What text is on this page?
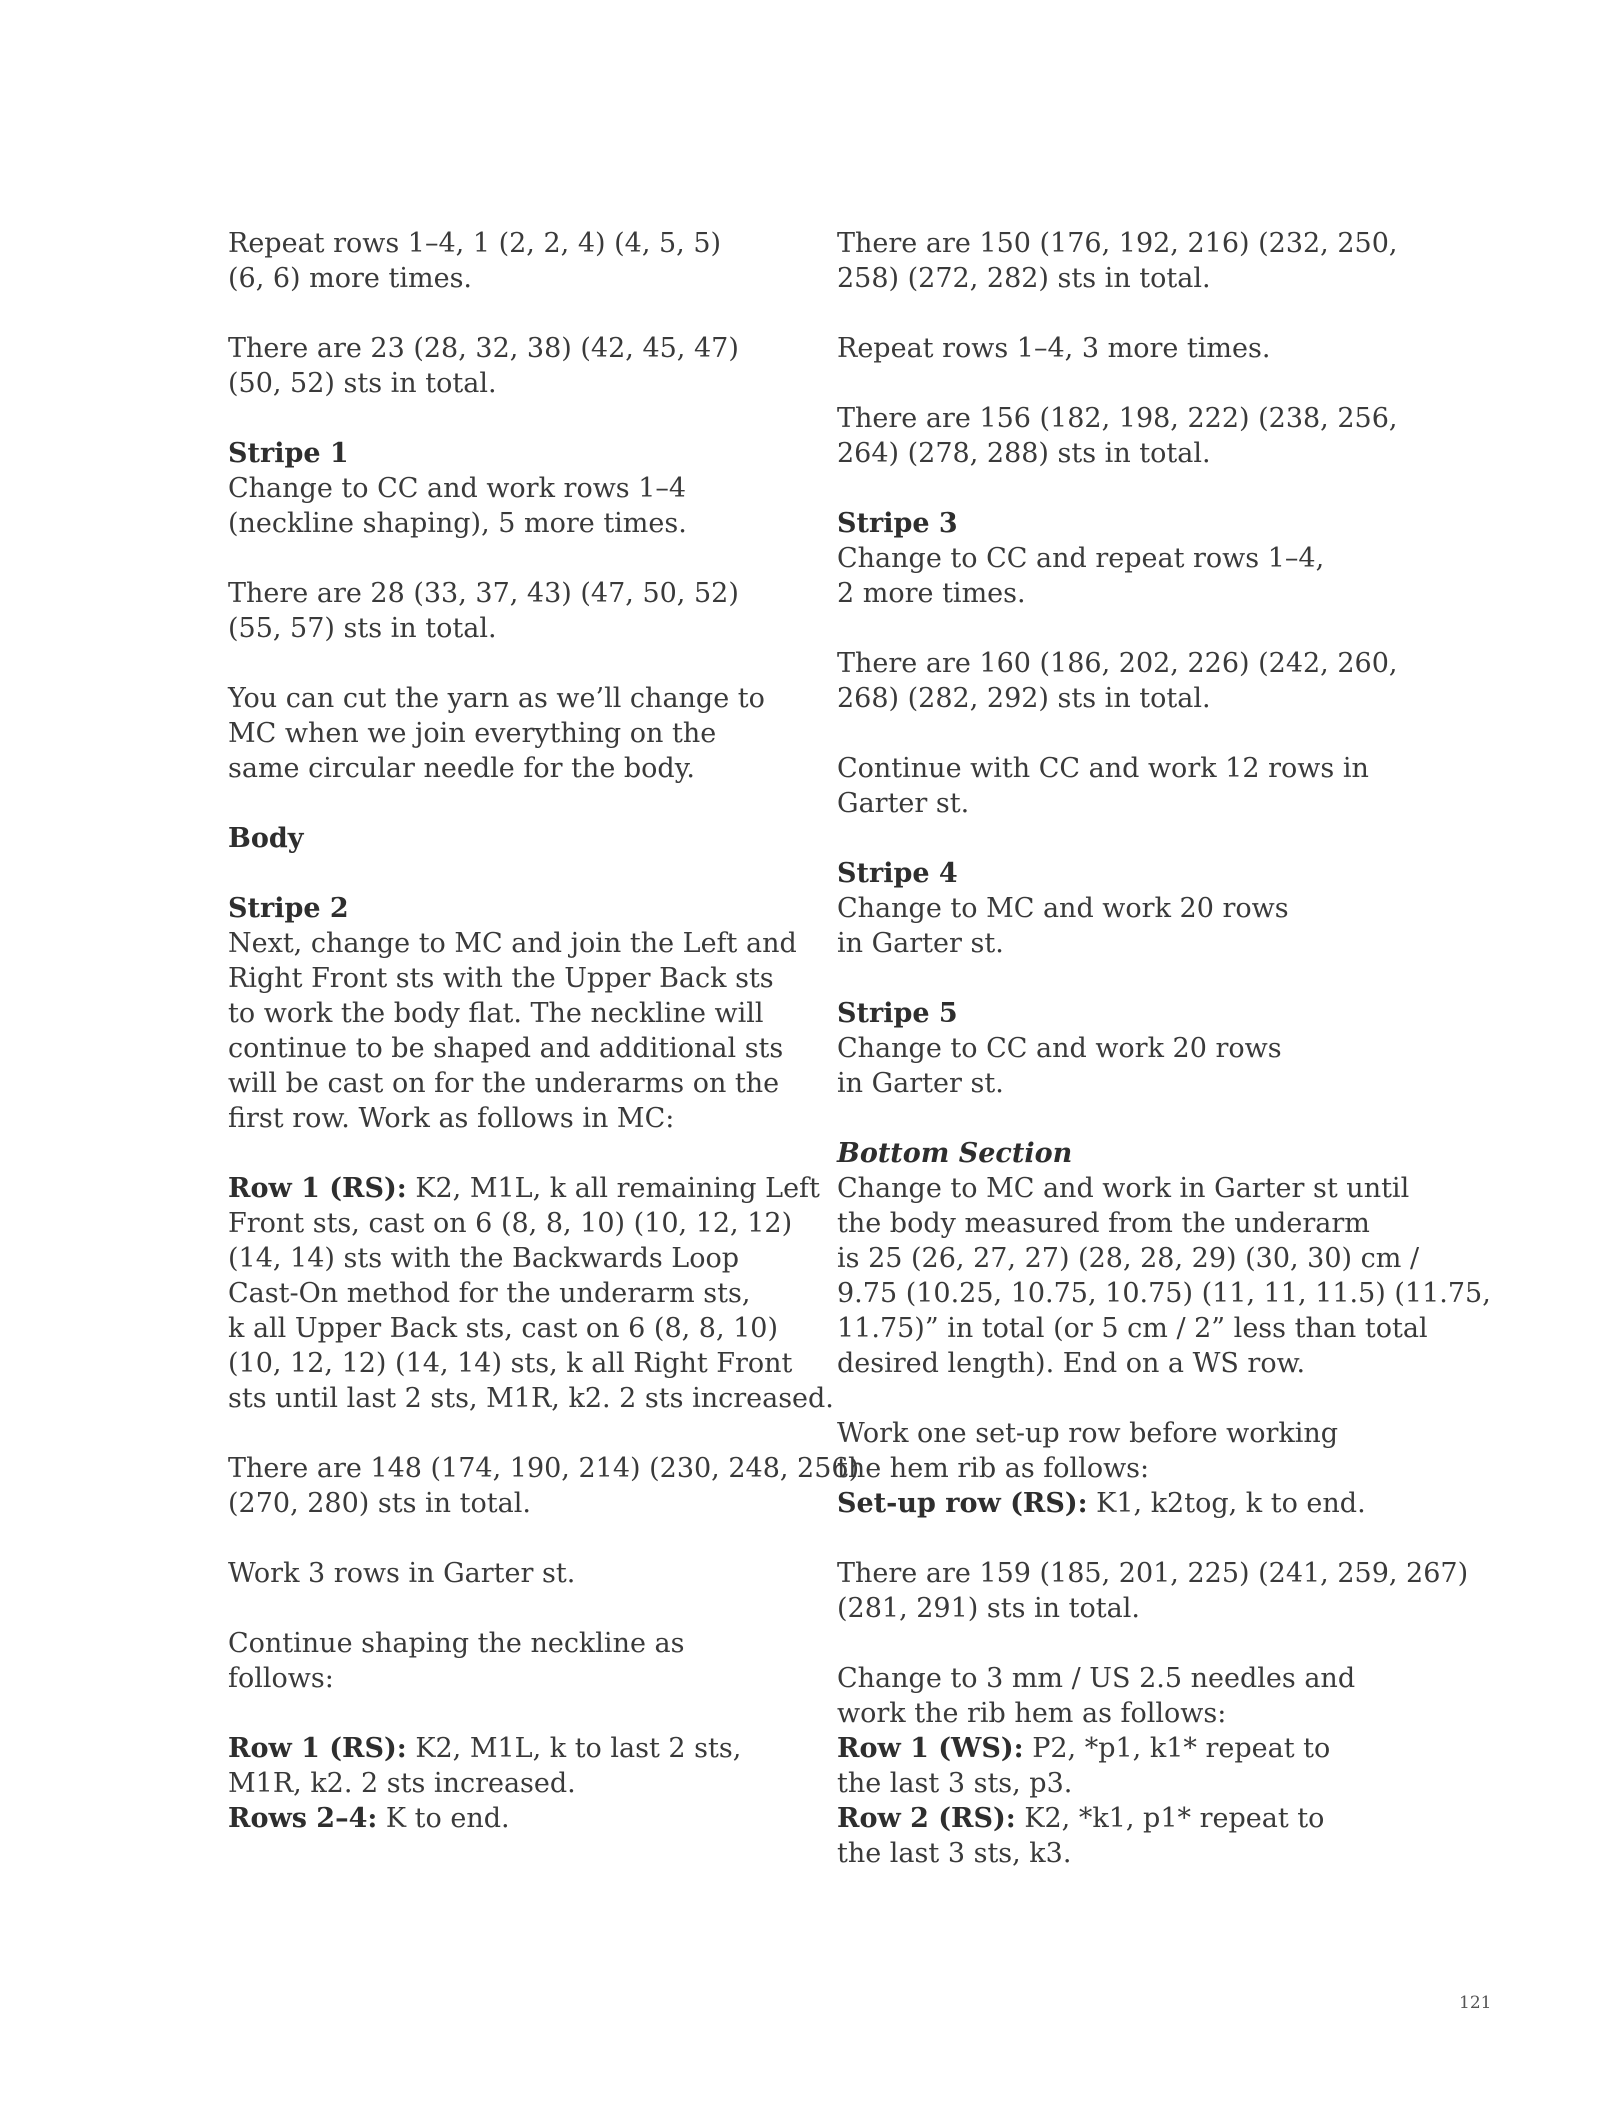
Repeat rows 1–4, 1 (2, 2, 4) (4, 5, 5)
(6, 6) more times.
There are 23 (28, 32, 38) (42, 45, 47)
(50, 52) sts in total.
Stripe 1
Change to CC and work rows 1–4
(neckline shaping), 5 more times.
There are 28 (33, 37, 43) (47, 50, 52)
(55, 57) sts in total.
You can cut the yarn as we’ll change to
MC when we join everything on the
same circular needle for the body.
Body
Stripe 2
Next, change to MC and join the Left and
Right Front sts with the Upper Back sts
to work the body flat. The neckline will
continue to be shaped and additional sts
will be cast on for the underarms on the
first row. Work as follows in MC:
Row 1 (RS): K2, M1L, k all remaining Left
Front sts, cast on 6 (8, 8, 10) (10, 12, 12)
(14, 14) sts with the Backwards Loop
Cast-On method for the underarm sts,
k all Upper Back sts, cast on 6 (8, 8, 10)
(10, 12, 12) (14, 14) sts, k all Right Front
sts until last 2 sts, M1R, k2. 2 sts increased.
There are 148 (174, 190, 214) (230, 248, 256)
(270, 280) sts in total.
Work 3 rows in Garter st.
Continue shaping the neckline as
follows:
Row 1 (RS): K2, M1L, k to last 2 sts,
M1R, k2. 2 sts increased.
Rows 2–4: K to end.
There are 150 (176, 192, 216) (232, 250,
258) (272, 282) sts in total.
Repeat rows 1–4, 3 more times.
There are 156 (182, 198, 222) (238, 256,
264) (278, 288) sts in total.
Stripe 3
Change to CC and repeat rows 1–4,
2 more times.
There are 160 (186, 202, 226) (242, 260,
268) (282, 292) sts in total.
Continue with CC and work 12 rows in
Garter st.
Stripe 4
Change to MC and work 20 rows
in Garter st.
Stripe 5
Change to CC and work 20 rows
in Garter st.
Bottom Section
Change to MC and work in Garter st until
the body measured from the underarm
is 25 (26, 27, 27) (28, 28, 29) (30, 30) cm /
9.75 (10.25, 10.75, 10.75) (11, 11, 11.5) (11.75,
11.75)” in total (or 5 cm / 2” less than total
desired length). End on a WS row.
Work one set-up row before working
the hem rib as follows:
Set-up row (RS): K1, k2tog, k to end.
There are 159 (185, 201, 225) (241, 259, 267)
(281, 291) sts in total.
Change to 3 mm / US 2.5 needles and
work the rib hem as follows:
Row 1 (WS): P2, *p1, k1* repeat to
the last 3 sts, p3.
Row 2 (RS): K2, *k1, p1* repeat to
the last 3 sts, k3.
121
